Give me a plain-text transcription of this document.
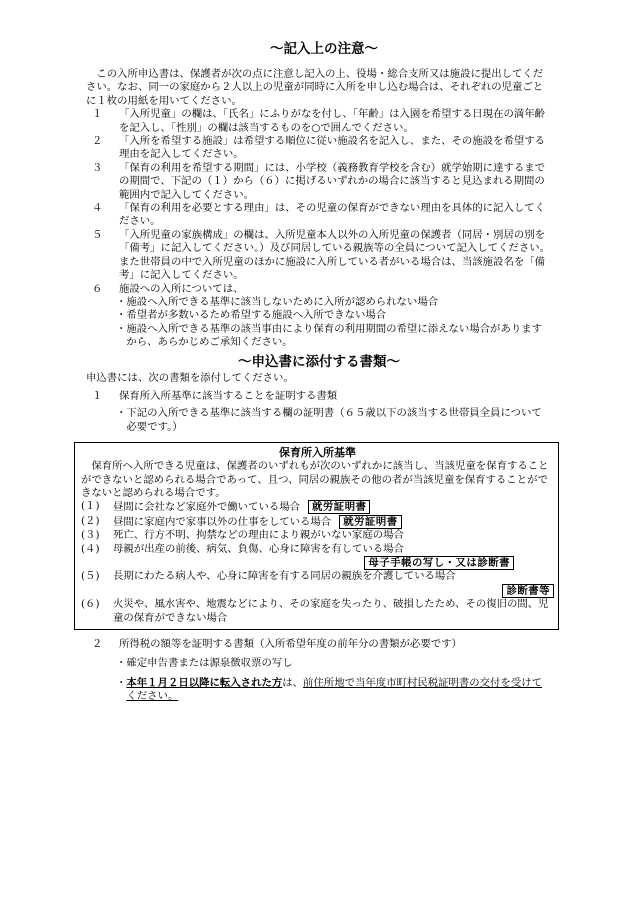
～記入上の注意～

この入所申込書は、保護者が次の点に注意し記入の上、役場・総合支所又は施設に提出してください。なお、同一の家庭から２人以上の児童が同時に入所を申し込む場合は、それぞれの児童ごとに１枚の用紙を用いてください。

１	「入所児童」の欄は、「氏名」にふりがなを付し、「年齢」は入園を希望する日現在の満年齢を記入し、「性別」の欄は該当するものを○で囲んでください。
２	「入所を希望する施設」は希望する順位に従い施設名を記入し、また、その施設を希望する理由を記入してください。
３	「保育の利用を希望する期間」には、小学校（義務教育学校を含む）就学始期に達するまでの期間で、下記の（１）から（６）に掲げるいずれかの場合に該当すると見込まれる期間の範囲内で記入してください。
４	「保育の利用を必要とする理由」は、その児童の保育ができない理由を具体的に記入してください。
５	「入所児童の家族構成」の欄は、入所児童本人以外の入所児童の保護者（同居・別居の別を「備考」に記入してください。）及び同居している親族等の全員について記入してください。また世帯員の中で入所児童のほかに施設に入所している者がいる場合は、当該施設名を「備考」に記入してください。
６	施設への入所については、
・ 施設へ入所できる基準に該当しないために入所が認められない場合
・ 希望者が多数いるため希望する施設へ入所できない場合
・ 施設へ入所できる基準の該当事由により保育の利用期間の希望に添えない場合がありますから、あらかじめご承知ください。
～申込書に添付する書類～

申込書には、次の書類を添付してください。

１	保育所入所基準に該当することを証明する書類
・ 下記の入所できる基準に該当する欄の証明書（６５歳以下の該当する世帯員全員について必要です。）
保育所入所基準

保育所へ入所できる児童は、保護者のいずれもが次のいずれかに該当し、当該児童を保育することができないと認められる場合であって、且つ、同居の親族その他の者が当該児童を保育することができないと認められる場合です。

(１)	昼間に会社など家庭外で働いている場合 就労証明書
(２)	昼間に家庭内で家事以外の仕事をしている場合 就労証明書
(３)	死亡、行方不明、拘禁などの理由により親がいない家庭の場合
(４)	母親が出産の前後、病気、負傷、心身に障害を有している場合
母子手帳の写し・又は診断書
(５)	長期にわたる病人や、心身に障害を有する同居の親族を介護している場合
診断書等
(６)	火災や、風水害や、地震などにより、その家庭を失ったり、破損したため、その復旧の間、児童の保育ができない場合
２	所得税の額等を証明する書類（入所希望年度の前年分の書類が必要です）
・ 確定申告書または源泉徴収票の写し
・ 本年１月２日以降に転入された方は、前住所地で当年度市町村民税証明書の交付を受けてください。
